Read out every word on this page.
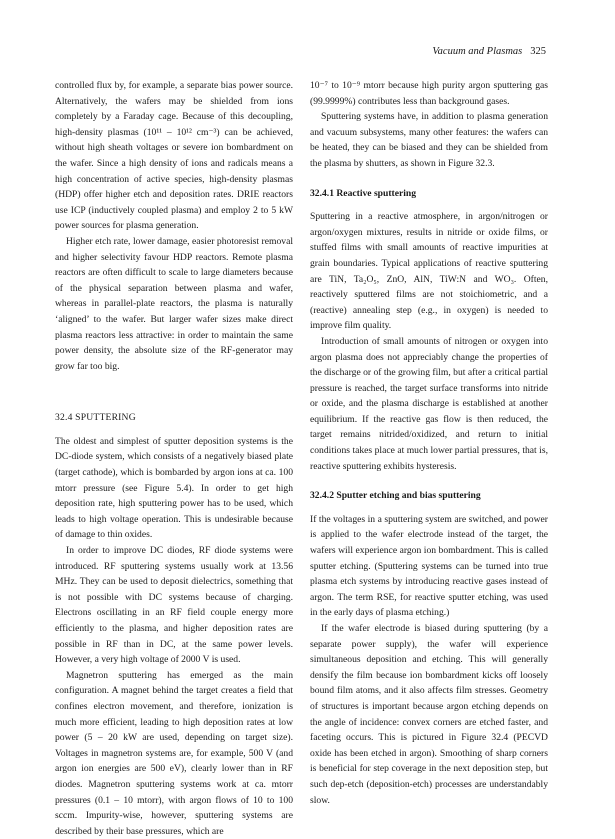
Vacuum and Plasmas 325

controlled flux by, for example, a separate bias power source. Alternatively, the wafers may be shielded from ions completely by a Faraday cage. Because of this decoupling, high-density plasmas (10¹¹ – 10¹² cm⁻³) can be achieved, without high sheath voltages or severe ion bombardment on the wafer. Since a high density of ions and radicals means a high concentration of active species, high-density plasmas (HDP) offer higher etch and deposition rates. DRIE reactors use ICP (inductively coupled plasma) and employ 2 to 5 kW power sources for plasma generation.

Higher etch rate, lower damage, easier photoresist removal and higher selectivity favour HDP reactors. Remote plasma reactors are often difficult to scale to large diameters because of the physical separation between plasma and wafer, whereas in parallel-plate reactors, the plasma is naturally ‘aligned’ to the wafer. But larger wafer sizes make direct plasma reactors less attractive: in order to maintain the same power density, the absolute size of the RF-generator may grow far too big.

32.4 SPUTTERING

The oldest and simplest of sputter deposition systems is the DC-diode system, which consists of a negatively biased plate (target cathode), which is bombarded by argon ions at ca. 100 mtorr pressure (see Figure 5.4). In order to get high deposition rate, high sputtering power has to be used, which leads to high voltage operation. This is undesirable because of damage to thin oxides.

In order to improve DC diodes, RF diode systems were introduced. RF sputtering systems usually work at 13.56 MHz. They can be used to deposit dielectrics, something that is not possible with DC systems because of charging. Electrons oscillating in an RF field couple energy more efficiently to the plasma, and higher deposition rates are possible in RF than in DC, at the same power levels. However, a very high voltage of 2000 V is used.

Magnetron sputtering has emerged as the main configuration. A magnet behind the target creates a field that confines electron movement, and therefore, ionization is much more efficient, leading to high deposition rates at low power (5 – 20 kW are used, depending on target size). Voltages in magnetron systems are, for example, 500 V (and argon ion energies are 500 eV), clearly lower than in RF diodes. Magnetron sputtering systems work at ca. mtorr pressures (0.1 – 10 mtorr), with argon flows of 10 to 100 sccm. Impurity-wise, however, sputtering systems are described by their base pressures, which are

10⁻⁷ to 10⁻⁹ mtorr because high purity argon sputtering gas (99.9999%) contributes less than background gases.

Sputtering systems have, in addition to plasma generation and vacuum subsystems, many other features: the wafers can be heated, they can be biased and they can be shielded from the plasma by shutters, as shown in Figure 32.3.

32.4.1 Reactive sputtering

Sputtering in a reactive atmosphere, in argon/nitrogen or argon/oxygen mixtures, results in nitride or oxide films, or stuffed films with small amounts of reactive impurities at grain boundaries. Typical applications of reactive sputtering are TiN, Ta₂O₅, ZnO, AlN, TiW:N and WO₃. Often, reactively sputtered films are not stoichiometric, and a (reactive) annealing step (e.g., in oxygen) is needed to improve film quality.

Introduction of small amounts of nitrogen or oxygen into argon plasma does not appreciably change the properties of the discharge or of the growing film, but after a critical partial pressure is reached, the target surface transforms into nitride or oxide, and the plasma discharge is established at another equilibrium. If the reactive gas flow is then reduced, the target remains nitrided/oxidized, and return to initial conditions takes place at much lower partial pressures, that is, reactive sputtering exhibits hysteresis.

32.4.2 Sputter etching and bias sputtering

If the voltages in a sputtering system are switched, and power is applied to the wafer electrode instead of the target, the wafers will experience argon ion bombardment. This is called sputter etching. (Sputtering systems can be turned into true plasma etch systems by introducing reactive gases instead of argon. The term RSE, for reactive sputter etching, was used in the early days of plasma etching.)

If the wafer electrode is biased during sputtering (by a separate power supply), the wafer will experience simultaneous deposition and etching. This will generally densify the film because ion bombardment kicks off loosely bound film atoms, and it also affects film stresses. Geometry of structures is important because argon etching depends on the angle of incidence: convex corners are etched faster, and faceting occurs. This is pictured in Figure 32.4 (PECVD oxide has been etched in argon). Smoothing of sharp corners is beneficial for step coverage in the next deposition step, but such dep-etch (deposition-etch) processes are understandably slow.
